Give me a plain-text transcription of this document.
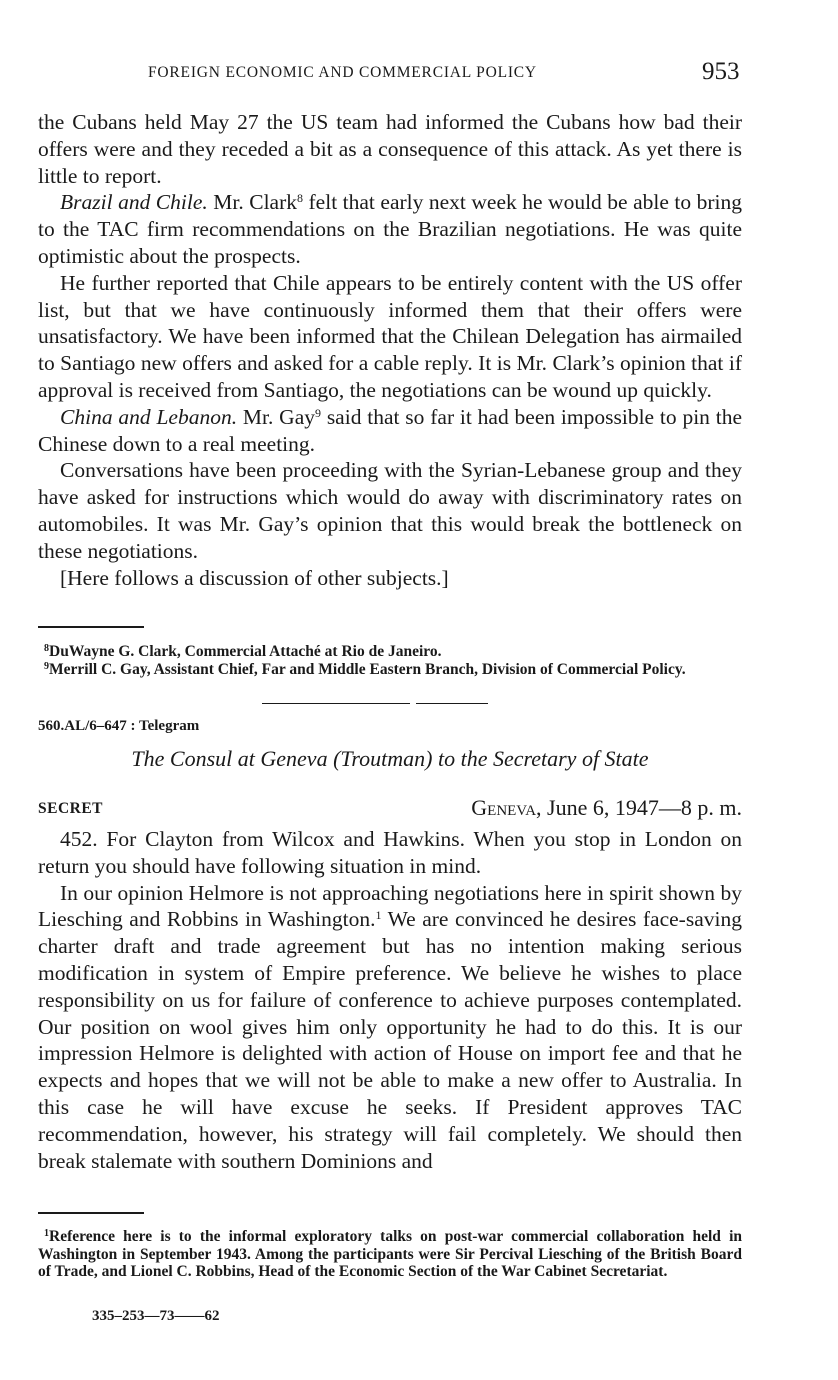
FOREIGN ECONOMIC AND COMMERCIAL POLICY	953

the Cubans held May 27 the US team had informed the Cubans how bad their offers were and they receded a bit as a consequence of this attack. As yet there is little to report.

Brazil and Chile. Mr. Clark$^8$ felt that early next week he would be able to bring to the TAC firm recommendations on the Brazilian negotiations. He was quite optimistic about the prospects.

He further reported that Chile appears to be entirely content with the US offer list, but that we have continuously informed them that their offers were unsatisfactory. We have been informed that the Chilean Delegation has airmailed to Santiago new offers and asked for a cable reply. It is Mr. Clark’s opinion that if approval is received from Santiago, the negotiations can be wound up quickly.

China and Lebanon. Mr. Gay$^9$ said that so far it had been impossible to pin the Chinese down to a real meeting.

Conversations have been proceeding with the Syrian-Lebanese group and they have asked for instructions which would do away with discriminatory rates on automobiles. It was Mr. Gay’s opinion that this would break the bottleneck on these negotiations.

[Here follows a discussion of other subjects.]

$^8$DuWayne G. Clark, Commercial Attaché at Rio de Janeiro.

$^9$Merrill C. Gay, Assistant Chief, Far and Middle Eastern Branch, Division of Commercial Policy.

560.AL/6–647 : Telegram
The Consul at Geneva (Troutman) to the Secretary of State
SECRET	Geneva, June 6, 1947—8 p. m.

452. For Clayton from Wilcox and Hawkins. When you stop in London on return you should have following situation in mind.

In our opinion Helmore is not approaching negotiations here in spirit shown by Liesching and Robbins in Washington.$^1$ We are convinced he desires face-saving charter draft and trade agreement but has no intention making serious modification in system of Empire preference. We believe he wishes to place responsibility on us for failure of conference to achieve purposes contemplated. Our position on wool gives him only opportunity he had to do this. It is our impression Helmore is delighted with action of House on import fee and that he expects and hopes that we will not be able to make a new offer to Australia. In this case he will have excuse he seeks. If President approves TAC recommendation, however, his strategy will fail completely. We should then break stalemate with southern Dominions and

$^1$Reference here is to the informal exploratory talks on post-war commercial collaboration held in Washington in September 1943. Among the participants were Sir Percival Liesching of the British Board of Trade, and Lionel C. Robbins, Head of the Economic Section of the War Cabinet Secretariat.

335–253—73——62
